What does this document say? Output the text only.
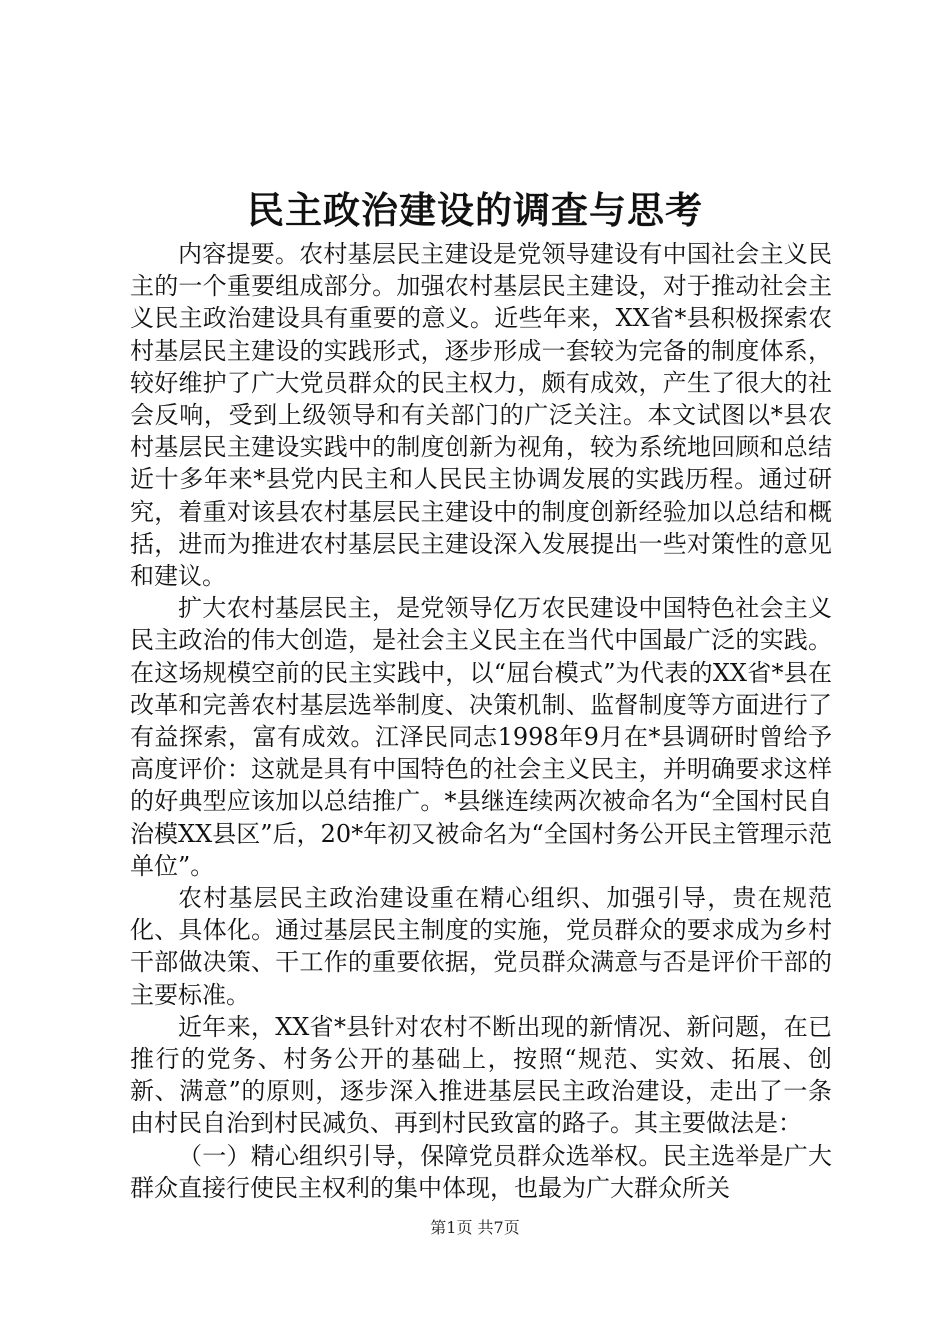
民主政治建设的调查与思考

内容提要。农村基层民主建设是党领导建设有中国社会主义民主的一个重要组成部分。加强农村基层民主建设，对于推动社会主义民主政治建设具有重要的意义。近些年来，XX省*县积极探索农村基层民主建设的实践形式，逐步形成一套较为完备的制度体系，较好维护了广大党员群众的民主权力，颇有成效，产生了很大的社会反响，受到上级领导和有关部门的广泛关注。本文试图以*县农村基层民主建设实践中的制度创新为视角，较为系统地回顾和总结近十多年来*县党内民主和人民民主协调发展的实践历程。通过研究，着重对该县农村基层民主建设中的制度创新经验加以总结和概括，进而为推进农村基层民主建设深入发展提出一些对策性的意见和建议。

扩大农村基层民主，是党领导亿万农民建设中国特色社会主义民主政治的伟大创造，是社会主义民主在当代中国最广泛的实践。在这场规模空前的民主实践中，以“屈台模式”为代表的XX省*县在改革和完善农村基层选举制度、决策机制、监督制度等方面进行了有益探索，富有成效。江泽民同志1998年9月在*县调研时曾给予高度评价：这就是具有中国特色的社会主义民主，并明确要求这样的好典型应该加以总结推广。*县继连续两次被命名为“全国村民自治模XX县区”后，20*年初又被命名为“全国村务公开民主管理示范单位”。

农村基层民主政治建设重在精心组织、加强引导，贵在规范化、具体化。通过基层民主制度的实施，党员群众的要求成为乡村干部做决策、干工作的重要依据，党员群众满意与否是评价干部的主要标准。

近年来，XX省*县针对农村不断出现的新情况、新问题，在已推行的党务、村务公开的基础上，按照“规范、实效、拓展、创新、满意”的原则，逐步深入推进基层民主政治建设，走出了一条由村民自治到村民减负、再到村民致富的路子。其主要做法是：

（一）精心组织引导，保障党员群众选举权。民主选举是广大群众直接行使民主权利的集中体现，也最为广大群众所关

第1页 共7页
